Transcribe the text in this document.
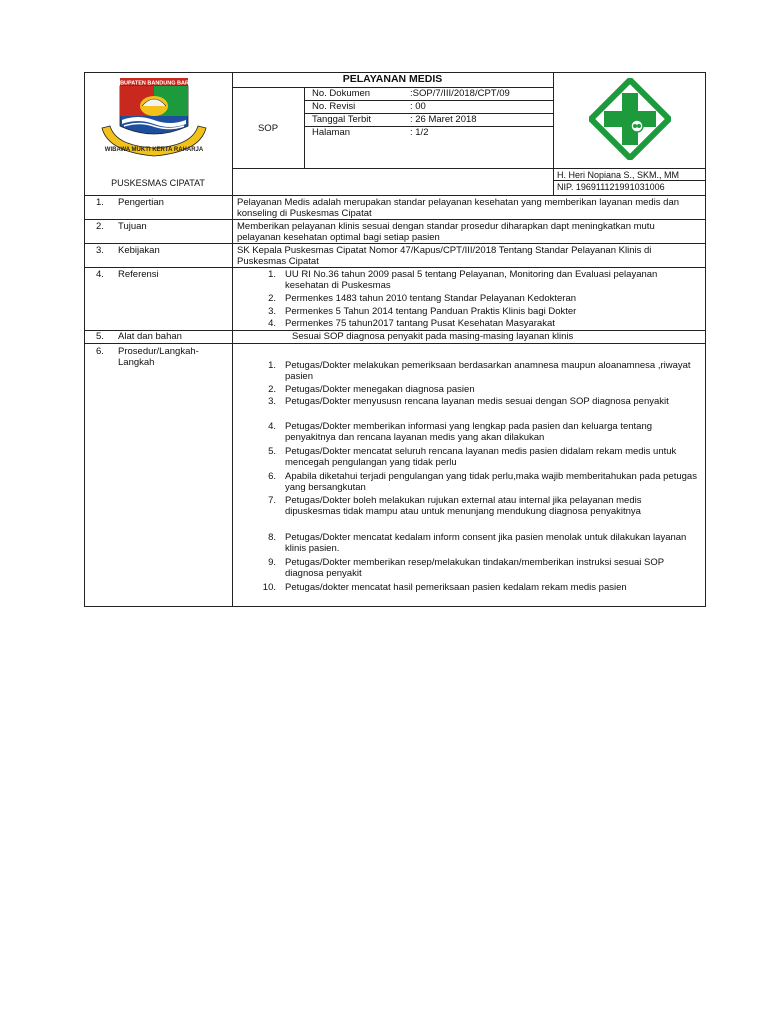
KABUPATEN BANDUNG BARAT
WIBAWA MUKTI KERTA RAHARJA
PELAYANAN MEDIS
SOP
No. Dokumen	:SOP/7/III/2018/CPT/09
No. Revisi	: 00
Tanggal Terbit	: 26 Maret 2018
Halaman	: 1/2
PUSKESMAS CIPATAT
H. Heri Nopiana S., SKM., MM
NIP. 196911121991031006
1. Pengertian	Pelayanan Medis adalah merupakan standar pelayanan kesehatan yang memberikan layanan medis dan konseling di Puskesmas Cipatat
2. Tujuan	Memberikan pelayanan klinis sesuai dengan standar prosedur diharapkan dapt meningkatkan mutu pelayanan kesehatan optimal bagi setiap pasien
3. Kebijakan	SK Kepala Puskesmas Cipatat Nomor 47/Kapus/CPT/III/2018 Tentang Standar Pelayanan Klinis di Puskesmas Cipatat
4. Referensi	1. UU RI No.36 tahun 2009 pasal 5 tentang Pelayanan, Monitoring dan Evaluasi pelayanan kesehatan di Puskesmas
2. Permenkes 1483 tahun 2010 tentang Standar Pelayanan Kedokteran
3. Permenkes 5 Tahun 2014 tentang Panduan Praktis Klinis bagi Dokter
4. Permenkes 75 tahun2017 tantang Pusat Kesehatan Masyarakat
5. Alat dan bahan	Sesuai SOP diagnosa penyakit pada masing-masing layanan klinis
6. Prosedur/Langkah-Langkah	1. Petugas/Dokter melakukan pemeriksaan berdasarkan anamnesa maupun aloanamnesa ,riwayat pasien
2. Petugas/Dokter menegakan diagnosa pasien
3. Petugas/Dokter menyususn rencana layanan medis sesuai dengan SOP diagnosa penyakit
4. Petugas/Dokter memberikan informasi yang lengkap pada pasien dan keluarga tentang penyakitnya dan rencana layanan medis yang akan dilakukan
5. Petugas/Dokter mencatat seluruh rencana layanan medis pasien didalam rekam medis untuk mencegah pengulangan yang tidak perlu
6. Apabila diketahui terjadi pengulangan yang tidak perlu,maka wajib memberitahukan pada petugas yang bersangkutan
7. Petugas/Dokter boleh melakukan rujukan external atau internal jika pelayanan medis dipuskesmas tidak mampu atau untuk menunjang mendukung diagnosa penyakitnya
8. Petugas/Dokter mencatat kedalam inform consent jika pasien menolak untuk dilakukan layanan klinis pasien.
9. Petugas/Dokter memberikan resep/melakukan tindakan/memberikan instruksi sesuai SOP diagnosa penyakit
10. Petugas/dokter mencatat hasil pemeriksaan pasien kedalam rekam medis pasien
